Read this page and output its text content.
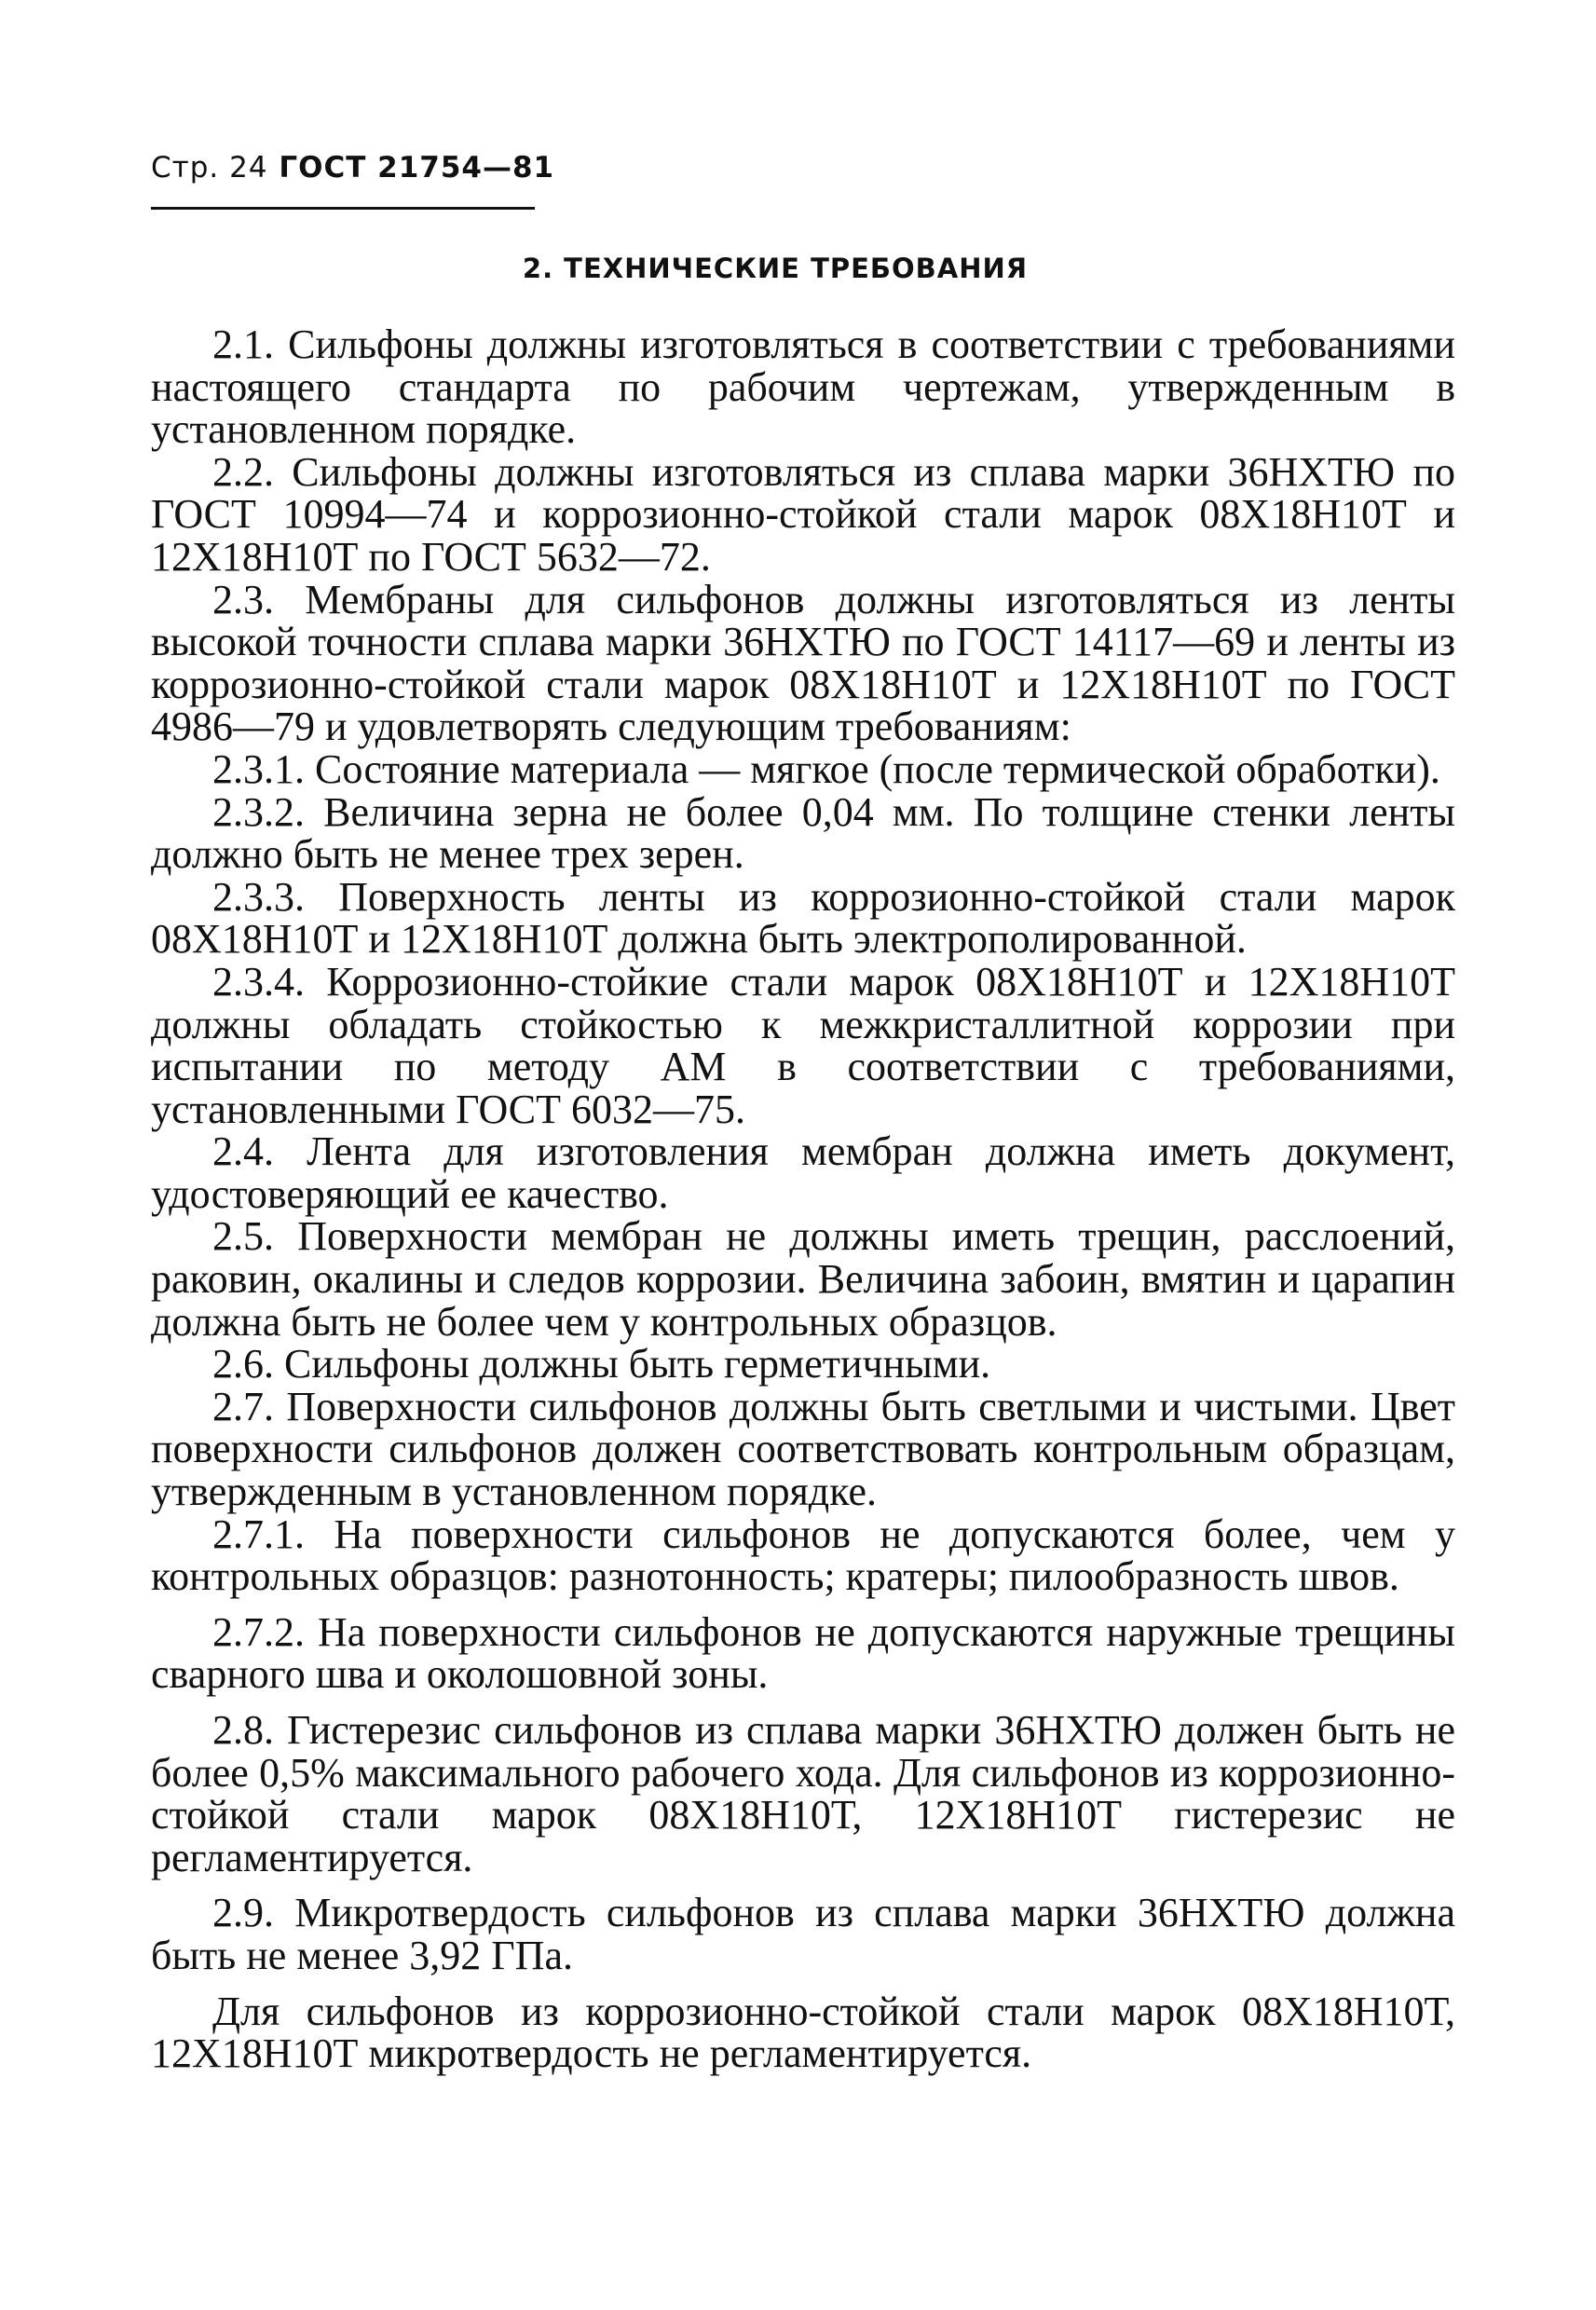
Стр. 24 ГОСТ 21754—81
2. ТЕХНИЧЕСКИЕ ТРЕБОВАНИЯ

2.1. Сильфоны должны изготовляться в соответствии с требованиями настоящего стандарта по рабочим чертежам, утвержденным в установленном порядке.

2.2. Сильфоны должны изготовляться из сплава марки 36НХТЮ по ГОСТ 10994—74 и коррозионно-стойкой стали марок 08Х18Н10Т и 12Х18Н10Т по ГОСТ 5632—72.

2.3. Мембраны для сильфонов должны изготовляться из ленты высокой точности сплава марки 36НХТЮ по ГОСТ 14117—69 и ленты из коррозионно-стойкой стали марок 08Х18Н10Т и 12Х18Н10Т по ГОСТ 4986—79 и удовлетворять следующим требованиям:

2.3.1. Состояние материала — мягкое (после термической обработки).

2.3.2. Величина зерна не более 0,04 мм. По толщине стенки ленты должно быть не менее трех зерен.

2.3.3. Поверхность ленты из коррозионно-стойкой стали марок 08Х18Н10Т и 12Х18Н10Т должна быть электрополированной.

2.3.4. Коррозионно-стойкие стали марок 08Х18Н10Т и 12Х18Н10Т должны обладать стойкостью к межкристаллитной коррозии при испытании по методу АМ в соответствии с требованиями, установленными ГОСТ 6032—75.

2.4. Лента для изготовления мембран должна иметь документ, удостоверяющий ее качество.

2.5. Поверхности мембран не должны иметь трещин, расслоений, раковин, окалины и следов коррозии. Величина забоин, вмятин и царапин должна быть не более чем у контрольных образцов.

2.6. Сильфоны должны быть герметичными.

2.7. Поверхности сильфонов должны быть светлыми и чистыми. Цвет поверхности сильфонов должен соответствовать контрольным образцам, утвержденным в установленном порядке.

2.7.1. На поверхности сильфонов не допускаются более, чем у контрольных образцов: разнотонность; кратеры; пилообразность швов.

2.7.2. На поверхности сильфонов не допускаются наружные трещины сварного шва и околошовной зоны.

2.8. Гистерезис сильфонов из сплава марки 36НХТЮ должен быть не более 0,5% максимального рабочего хода. Для сильфонов из коррозионно-стойкой стали марок 08Х18Н10Т, 12Х18Н10Т гистерезис не регламентируется.

2.9. Микротвердость сильфонов из сплава марки 36НХТЮ должна быть не менее 3,92 ГПа.

Для сильфонов из коррозионно-стойкой стали марок 08Х18Н10Т, 12Х18Н10Т микротвердость не регламентируется.
